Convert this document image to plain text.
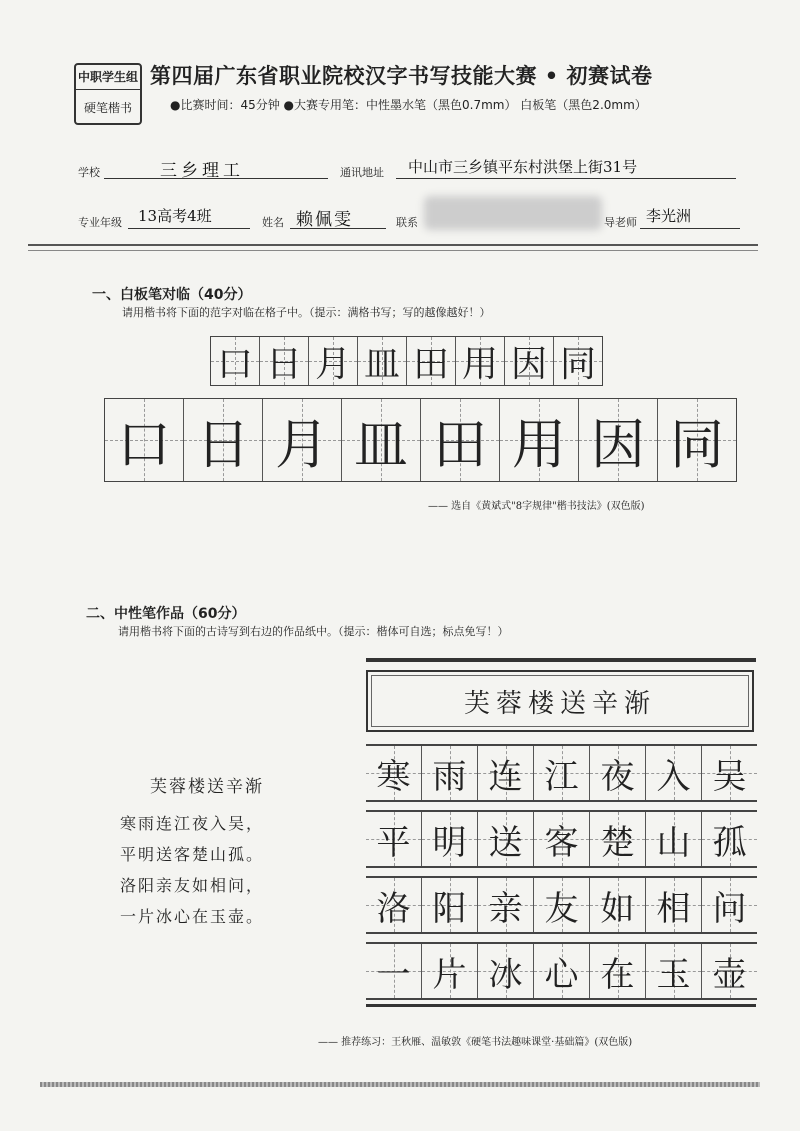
中职学生组
硬笔楷书
第四届广东省职业院校汉字书写技能大赛 • 初赛试卷
●比赛时间：45分钟 ●大赛专用笔：中性墨水笔（黑色0.7mm） 白板笔（黑色2.0mm）
学校	三乡理工	通讯地址 中山市三乡镇平东村洪堡上街31号
专业年级 13高考4班	姓名 赖佩雯	联系	导老师 李光洲
一、白板笔对临（40分）
请用楷书将下面的范字对临在格子中。（提示：满格书写；写的越像越好！）
口 日 月 皿 田 用 因 同
口 日 月 皿 田 用 因 同
—— 选自《黄斌式"8字规律"楷书技法》(双色版)
二、中性笔作品（60分）
请用楷书将下面的古诗写到右边的作品纸中。（提示：楷体可自选；标点免写！）
芙蓉楼送辛渐
寒雨连江夜入吴，
平明送客楚山孤。
洛阳亲友如相问，
一片冰心在玉壶。
芙蓉楼送辛渐
寒 雨 连 江 夜 入 吴
平 明 送 客 楚 山 孤
洛 阳 亲 友 如 相 问
一 片 冰 心 在 玉 壶
—— 推荐练习：王秋雁、温敏敦《硬笔书法趣味课堂·基础篇》(双色版)
